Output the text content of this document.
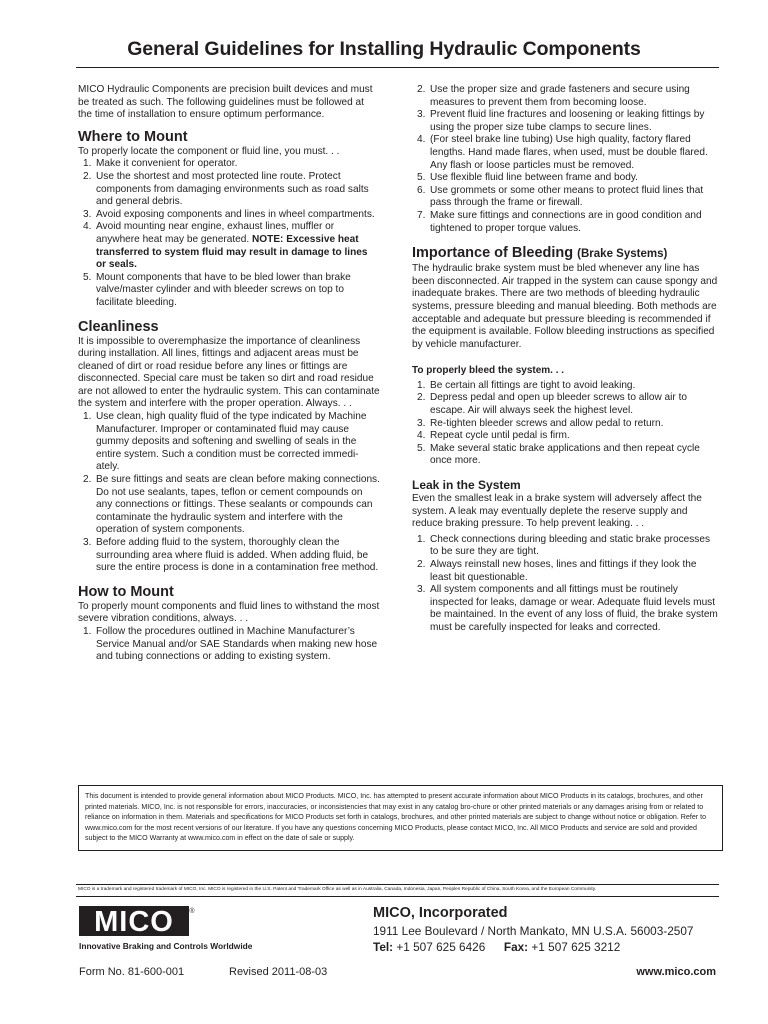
General Guidelines for Installing Hydraulic Components

MICO Hydraulic Components are precision built devices and must be treated as such. The following guidelines must be followed at the time of installation to ensure optimum performance.

Where to Mount

To properly locate the component or fluid line, you must. . .

1. Make it convenient for operator.
2. Use the shortest and most protected line route. Protect components from damaging environments such as road salts and general debris.
3. Avoid exposing components and lines in wheel compartments.
4. Avoid mounting near engine, exhaust lines, muffler or anywhere heat may be generated. NOTE: Excessive heat transferred to system fluid may result in damage to lines or seals.
5. Mount components that have to be bled lower than brake valve/master cylinder and with bleeder screws on top to facilitate bleeding.
Cleanliness

It is impossible to overemphasize the importance of cleanliness during installation. All lines, fittings and adjacent areas must be cleaned of dirt or road residue before any lines or fittings are disconnected. Special care must be taken so dirt and road residue are not allowed to enter the hydraulic system. This can contaminate the system and interfere with the proper operation. Always. . .

1. Use clean, high quality fluid of the type indicated by Machine Manufacturer. Improper or contaminated fluid may cause gummy deposits and softening and swelling of seals in the entire system. Such a condition must be corrected immedi-ately.
2. Be sure fittings and seats are clean before making connections. Do not use sealants, tapes, teflon or cement compounds on any connections or fittings. These sealants or compounds can contaminate the hydraulic system and interfere with the operation of system components.
3. Before adding fluid to the system, thoroughly clean the surrounding area where fluid is added. When adding fluid, be sure the entire process is done in a contamination free method.
How to Mount

To properly mount components and fluid lines to withstand the most severe vibration conditions, always. . .

1. Follow the procedures outlined in Machine Manufacturer’s Service Manual and/or SAE Standards when making new hose and tubing connections or adding to existing system.
2. Use the proper size and grade fasteners and secure using measures to prevent them from becoming loose.
3. Prevent fluid line fractures and loosening or leaking fittings by using the proper size tube clamps to secure lines.
4. (For steel brake line tubing) Use high quality, factory flared lengths. Hand made flares, when used, must be double flared. Any flash or loose particles must be removed.
5. Use flexible fluid line between frame and body.
6. Use grommets or some other means to protect fluid lines that pass through the frame or firewall.
7. Make sure fittings and connections are in good condition and tightened to proper torque values.
Importance of Bleeding (Brake Systems)

The hydraulic brake system must be bled whenever any line has been disconnected. Air trapped in the system can cause spongy and inadequate brakes. There are two methods of bleeding hydraulic systems, pressure bleeding and manual bleeding. Both methods are acceptable and adequate but pressure bleeding is recommended if the equipment is available. Follow bleeding instructions as specified by vehicle manufacturer.

To properly bleed the system. . .

1. Be certain all fittings are tight to avoid leaking.
2. Depress pedal and open up bleeder screws to allow air to escape. Air will always seek the highest level.
3. Re-tighten bleeder screws and allow pedal to return.
4. Repeat cycle until pedal is firm.
5. Make several static brake applications and then repeat cycle once more.
Leak in the System

Even the smallest leak in a brake system will adversely affect the system. A leak may eventually deplete the reserve supply and reduce braking pressure. To help prevent leaking. . .

1. Check connections during bleeding and static brake processes to be sure they are tight.
2. Always reinstall new hoses, lines and fittings if they look the least bit questionable.
3. All system components and all fittings must be routinely inspected for leaks, damage or wear. Adequate fluid levels must be maintained. In the event of any loss of fluid, the brake system must be carefully inspected for leaks and corrected.
This document is intended to provide general information about MICO Products. MICO, Inc. has attempted to present accurate information about MICO Products in its catalogs, brochures, and other printed materials. MICO, Inc. is not responsible for errors, inaccuracies, or inconsistencies that may exist in any catalog bro-chure or other printed materials or any damages arising from or related to reliance on information in them. Materials and specifications for MICO Products set forth in catalogs, brochures, and other printed materials are subject to change without notice or obligation. Refer to www.mico.com for the most recent versions of our literature. If you have any questions concerning MICO Products, please contact MICO, Inc. All MICO Products and service are sold and provided subject to the MICO Warranty at www.mico.com in effect on the date of sale or supply.
MICO is a trademark and registered trademark of MICO, Inc. MICO is registered in the U.S. Patent and Trademark Office as well as in Australia, Canada, Indonesia, Japan, Peoples Republic of China, South Korea, and the European Community.
MICO ®
Innovative Braking and Controls Worldwide
MICO, Incorporated
1911 Lee Boulevard / North Mankato, MN U.S.A. 56003-2507
Tel: +1 507 625 6426 Fax: +1 507 625 3212
Form No. 81-600-001	Revised 2011-08-03	www.mico.com
